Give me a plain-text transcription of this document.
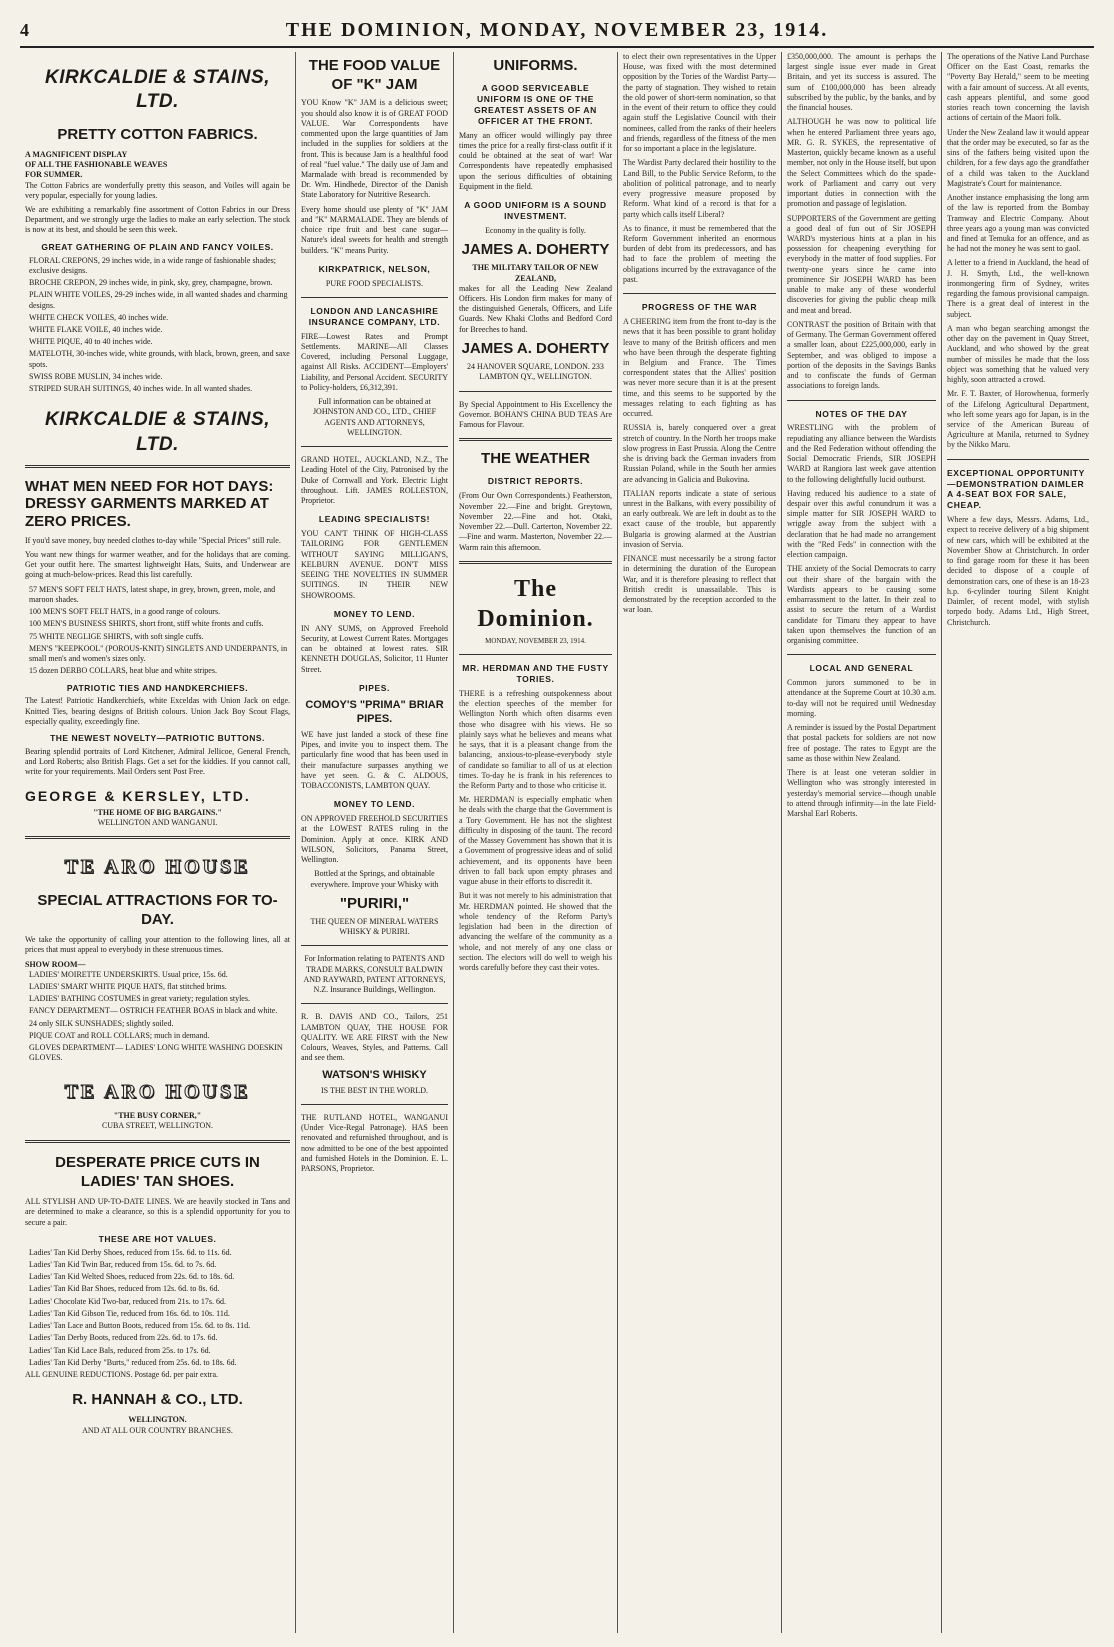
4	THE DOMINION, MONDAY, NOVEMBER 23, 1914.
KIRKCALDIE & STAINS, LTD.
PRETTY COTTON FABRICS.
A MAGNIFICENT DISPLAY
OF ALL THE FASHIONABLE WEAVES
FOR SUMMER.

The Cotton Fabrics are wonderfully pretty this season, and Voiles will again be very popular, especially for young ladies.

We are exhibiting a remarkably fine assortment of Cotton Fabrics in our Dress Department, and we strongly urge the ladies to make an early selection. The stock is now at its best, and should be seen this week.

GREAT GATHERING OF PLAIN AND FANCY VOILES.
FLORAL CREPONS, 29 inches wide, in a wide range of fashionable shades; exclusive designs.
BROCHE CREPON, 29 inches wide, in pink, sky, grey, champagne, brown.
PLAIN WHITE VOILES, 29-29 inches wide, in all wanted shades and charming designs.
WHITE CHECK VOILES, 40 inches wide.
WHITE FLAKE VOILE, 40 inches wide.
WHITE PIQUE, 40 to 40 inches wide.
MATELOTH, 30-inches wide, white grounds, with black, brown, green, and saxe spots.
SWISS ROBE MUSLIN, 34 inches wide.
STRIPED SURAH SUITINGS, 40 inches wide. In all wanted shades.
KIRKCALDIE & STAINS, LTD.
WHAT MEN NEED FOR HOT DAYS: DRESSY GARMENTS MARKED AT ZERO PRICES.

If you'd save money, buy needed clothes to-day while "Special Prices" still rule.

You want new things for warmer weather, and for the holidays that are coming. Get your outfit here. The smartest lightweight Hats, Suits, and Underwear are going at much-below-prices. Read this list carefully.

57 MEN'S SOFT FELT HATS, latest shape, in grey, brown, green, mole, and maroon shades.
100 MEN'S SOFT FELT HATS, in a good range of colours.
100 MEN'S BUSINESS SHIRTS, short front, stiff white fronts and cuffs.
75 WHITE NEGLIGE SHIRTS, with soft single cuffs.
MEN'S "KEEPKOOL" (POROUS-KNIT) SINGLETS AND UNDERPANTS, in small men's and women's sizes only.
15 dozen DERBO COLLARS, heat blue and white stripes.
PATRIOTIC TIES AND HANDKERCHIEFS.

The Latest! Patriotic Handkerchiefs, white Exceldas with Union Jack on edge. Knitted Ties, bearing designs of British colours. Union Jack Boy Scout Flags, especially quality, exceedingly fine.

THE NEWEST NOVELTY—PATRIOTIC BUTTONS.

Bearing splendid portraits of Lord Kitchener, Admiral Jellicoe, General French, and Lord Roberts; also British Flags. Get a set for the kiddies. If you cannot call, write for your requirements. Mail Orders sent Post Free.

GEORGE & KERSLEY, LTD.
"THE HOME OF BIG BARGAINS."
WELLINGTON AND WANGANUI.
TE ARO HOUSE
SPECIAL ATTRACTIONS FOR TO-DAY.

We take the opportunity of calling your attention to the following lines, all at prices that must appeal to everybody in these strenuous times.

SHOW ROOM—
LADIES' MOIRETTE UNDERSKIRTS. Usual price, 15s. 6d.
LADIES' SMART WHITE PIQUE HATS, flat stitched brims.
LADIES' BATHING COSTUMES in great variety; regulation styles.
FANCY DEPARTMENT— OSTRICH FEATHER BOAS in black and white.
24 only SILK SUNSHADES; slightly soiled.
PIQUE COAT and ROLL COLLARS; much in demand.
GLOVES DEPARTMENT— LADIES' LONG WHITE WASHING DOESKIN GLOVES.
TE ARO HOUSE
"THE BUSY CORNER,"
CUBA STREET, WELLINGTON.
DESPERATE PRICE CUTS IN LADIES' TAN SHOES.

ALL STYLISH AND UP-TO-DATE LINES. We are heavily stocked in Tans and are determined to make a clearance, so this is a splendid opportunity for you to secure a pair.

THESE ARE HOT VALUES.
Ladies' Tan Kid Derby Shoes, reduced from 15s. 6d. to 11s. 6d.
Ladies' Tan Kid Twin Bar, reduced from 15s. 6d. to 7s. 6d.
Ladies' Tan Kid Welted Shoes, reduced from 22s. 6d. to 18s. 6d.
Ladies' Tan Kid Bar Shoes, reduced from 12s. 6d. to 8s. 6d.
Ladies' Chocolate Kid Two-bar, reduced from 21s. to 17s. 6d.
Ladies' Tan Kid Gibson Tie, reduced from 16s. 6d. to 10s. 11d.
Ladies' Tan Lace and Button Boots, reduced from 15s. 6d. to 8s. 11d.
Ladies' Tan Derby Boots, reduced from 22s. 6d. to 17s. 6d.
Ladies' Tan Kid Lace Bals, reduced from 25s. to 17s. 6d.
Ladies' Tan Kid Derby "Burts," reduced from 25s. 6d. to 18s. 6d.

ALL GENUINE REDUCTIONS. Postage 6d. per pair extra.

R. HANNAH & CO., LTD.
WELLINGTON.
AND AT ALL OUR COUNTRY BRANCHES.
THE FOOD VALUE OF "K" JAM

YOU Know "K" JAM is a delicious sweet; you should also know it is of GREAT FOOD VALUE. War Correspondents have commented upon the large quantities of Jam included in the supplies for soldiers at the front. This is because Jam is a healthful food of real "fuel value." The daily use of Jam and Marmalade with bread is recommended by Dr. Wm. Hindhede, Director of the Danish State Laboratory for Nutritive Research.

Every home should use plenty of "K" JAM and "K" MARMALADE. They are blends of choice ripe fruit and best cane sugar—Nature's ideal sweets for health and strength builders. "K" means Purity.

KIRKPATRICK, NELSON,
PURE FOOD SPECIALISTS.
LONDON AND LANCASHIRE INSURANCE COMPANY, LTD.

FIRE—Lowest Rates and Prompt Settlements. MARINE—All Classes Covered, including Personal Luggage, against All Risks. ACCIDENT—Employers' Liability, and Personal Accident. SECURITY to Policy-holders, £6,312,391.

Full information can be obtained at JOHNSTON AND CO., LTD., CHIEF AGENTS AND ATTORNEYS, WELLINGTON.

GRAND HOTEL, AUCKLAND, N.Z., The Leading Hotel of the City, Patronised by the Duke of Cornwall and York. Electric Light throughout. Lift. JAMES ROLLESTON, Proprietor.

LEADING SPECIALISTS!

YOU CAN'T THINK OF HIGH-CLASS TAILORING FOR GENTLEMEN WITHOUT SAYING MILLIGAN'S, KELBURN AVENUE. DON'T MISS SEEING THE NOVELTIES IN SUMMER SUITINGS. IN THEIR NEW SHOWROOMS.

MONEY TO LEND.

IN ANY SUMS, on Approved Freehold Security, at Lowest Current Rates. Mortgages can be obtained at lowest rates. SIR KENNETH DOUGLAS, Solicitor, 11 Hunter Street.

PIPES.
COMOY'S "PRIMA" BRIAR PIPES.

WE have just landed a stock of these fine Pipes, and invite you to inspect them. The particularly fine wood that has been used in their manufacture surpasses anything we have yet seen. G. & C. ALDOUS, TOBACCONISTS, LAMBTON QUAY.

MONEY TO LEND.

ON APPROVED FREEHOLD SECURITIES at the LOWEST RATES ruling in the Dominion. Apply at once. KIRK AND WILSON, Solicitors, Panama Street, Wellington.

Bottled at the Springs, and obtainable everywhere. Improve your Whisky with

"PURIRI,"
THE QUEEN OF MINERAL WATERS WHISKY & PURIRI.

For Information relating to PATENTS AND TRADE MARKS, CONSULT BALDWIN AND RAYWARD, PATENT ATTORNEYS, N.Z. Insurance Buildings, Wellington.

R. B. DAVIS AND CO., Tailors, 251 LAMBTON QUAY, THE HOUSE FOR QUALITY. WE ARE FIRST with the New Colours, Weaves, Styles, and Patterns. Call and see them.

WATSON'S WHISKY
IS THE BEST IN THE WORLD.

THE RUTLAND HOTEL, WANGANUI (Under Vice-Regal Patronage). HAS been renovated and refurnished throughout, and is now admitted to be one of the best appointed and furnished Hotels in the Dominion. E. L. PARSONS, Proprietor.

UNIFORMS.
A GOOD SERVICEABLE UNIFORM IS ONE OF THE GREATEST ASSETS OF AN OFFICER AT THE FRONT.

Many an officer would willingly pay three times the price for a really first-class outfit if it could be obtained at the seat of war! War Correspondents have repeatedly emphasised upon the serious difficulties of obtaining Equipment in the field.

A GOOD UNIFORM IS A SOUND INVESTMENT.

Economy in the quality is folly.

JAMES A. DOHERTY
THE MILITARY TAILOR OF NEW ZEALAND,

makes for all the Leading New Zealand Officers. His London firm makes for many of the distinguished Generals, Officers, and Life Guards. New Khaki Cloths and Bedford Cord for Breeches to hand.

JAMES A. DOHERTY
24 HANOVER SQUARE, LONDON. 233 LAMBTON QY., WELLINGTON.

By Special Appointment to His Excellency the Governor. BOHAN'S CHINA BUD TEAS Are Famous for Flavour.

THE WEATHER
DISTRICT REPORTS.

(From Our Own Correspondents.) Featherston, November 22.—Fine and bright. Greytown, November 22.—Fine and hot. Otaki, November 22.—Dull. Carterton, November 22.—Fine and warm. Masterton, November 22.—Warm rain this afternoon.

The Dominion.
MONDAY, NOVEMBER 23, 1914.
MR. HERDMAN AND THE FUSTY TORIES.

THERE is a refreshing outspokenness about the election speeches of the member for Wellington North which often disarms even those who disagree with his views. He so plainly says what he believes and means what he says, that it is a pleasant change from the balancing, anxious-to-please-everybody style of candidate so familiar to all of us at election times. To-day he is frank in his references to the Reform Party and to those who criticise it.

Mr. HERDMAN is especially emphatic when he deals with the charge that the Government is a Tory Government. He has not the slightest difficulty in disposing of the taunt. The record of the Massey Government has shown that it is a Government of progressive ideas and of solid achievement, and its opponents have been driven to fall back upon empty phrases and vague abuse in their efforts to discredit it.

But it was not merely to his administration that Mr. HERDMAN pointed. He showed that the whole tendency of the Reform Party's legislation had been in the direction of advancing the welfare of the community as a whole, and not merely of any one class or section. The electors will do well to weigh his words carefully before they cast their votes.

to elect their own representatives in the Upper House, was fixed with the most determined opposition by the Tories of the Wardist Party—the party of stagnation. They wished to retain the old power of short-term nomination, so that in the event of their return to office they could again stuff the Legislative Council with their nominees, called from the ranks of their heelers and friends, regardless of the fitness of the men for so important a place in the legislature.

The Wardist Party declared their hostility to the Land Bill, to the Public Service Reform, to the abolition of political patronage, and to nearly every progressive measure proposed by Reform. What kind of a record is that for a party which calls itself Liberal?

As to finance, it must be remembered that the Reform Government inherited an enormous burden of debt from its predecessors, and has had to face the problem of meeting the obligations incurred by the extravagance of the past.

PROGRESS OF THE WAR

A CHEERING item from the front to-day is the news that it has been possible to grant holiday leave to many of the British officers and men who have been through the desperate fighting in Belgium and France. The Times correspondent states that the Allies' position was never more secure than it is at the present time, and this seems to be supported by the messages relating to each fighting as has occurred.

RUSSIA is, barely conquered over a great stretch of country. In the North her troops make slow progress in East Prussia. Along the Centre she is driving back the German invaders from Russian Poland, while in the South her armies are advancing in Galicia and Bukovina.

ITALIAN reports indicate a state of serious unrest in the Balkans, with every possibility of an early outbreak. We are left in doubt as to the exact cause of the trouble, but apparently Bulgaria is growing alarmed at the Austrian invasion of Servia.

FINANCE must necessarily be a strong factor in determining the duration of the European War, and it is therefore pleasing to reflect that British credit is unassailable. This is demonstrated by the reception accorded to the war loan.

£350,000,000. The amount is perhaps the largest single issue ever made in Great Britain, and yet its success is assured. The sum of £100,000,000 has been already subscribed by the public, by the banks, and by the financial houses.

ALTHOUGH he was now to political life when he entered Parliament three years ago, MR. G. R. SYKES, the representative of Masterton, quickly became known as a useful member, not only in the House itself, but upon the Select Committees which do the spade-work of Parliament and carry out very important duties in connection with the promotion and passage of legislation.

SUPPORTERS of the Government are getting a good deal of fun out of Sir JOSEPH WARD's mysterious hints at a plan in his possession for cheapening everything for everybody in the matter of food supplies. For twenty-one years since he came into prominence Sir JOSEPH WARD has been unable to make any of these wonderful discoveries for giving the public cheap milk and meat and bread.

CONTRAST the position of Britain with that of Germany. The German Government offered a smaller loan, about £225,000,000, early in September, and was obliged to impose a portion of the deposits in the Savings Banks and to confiscate the funds of German associations to foreign lands.

NOTES OF THE DAY

WRESTLING with the problem of repudiating any alliance between the Wardists and the Red Federation without offending the Social Democratic Friends, SIR JOSEPH WARD at Rangiora last week gave attention to the following delightfully lucid outburst.

Having reduced his audience to a state of despair over this awful conundrum it was a simple matter for SIR JOSEPH WARD to wriggle away from the subject with a declaration that he had made no arrangement with the "Red Feds" in connection with the election campaign.

THE anxiety of the Social Democrats to carry out their share of the bargain with the Wardists appears to be causing some embarrassment to the latter. In their zeal to assist to secure the return of a Wardist candidate for Timaru they appear to have taken upon themselves the function of an organising committee.

LOCAL AND GENERAL

Common jurors summoned to be in attendance at the Supreme Court at 10.30 a.m. to-day will not be required until Wednesday morning.

A reminder is issued by the Postal Department that postal packets for soldiers are not now free of postage. The rates to Egypt are the same as those within New Zealand.

There is at least one veteran soldier in Wellington who was strongly interested in yesterday's memorial service—though unable to attend through infirmity—in the late Field-Marshal Earl Roberts.

The operations of the Native Land Purchase Officer on the East Coast, remarks the "Poverty Bay Herald," seem to be meeting with a fair amount of success. At all events, cash appears plentiful, and some good stories reach town concerning the lavish actions of certain of the Maori folk.

Under the New Zealand law it would appear that the order may be executed, so far as the sins of the fathers being visited upon the children, for a few days ago the grandfather of a child was taken to the Auckland Magistrate's Court for maintenance.

Another instance emphasising the long arm of the law is reported from the Bombay Tramway and Electric Company. About three years ago a young man was convicted and fined at Temuka for an offence, and as he had not the money he was sent to gaol.

A letter to a friend in Auckland, the head of J. H. Smyth, Ltd., the well-known ironmongering firm of Sydney, writes regarding the famous provisional campaign. There is a great deal of interest in the subject.

A man who began searching amongst the other day on the pavement in Quay Street, Auckland, and who showed by the great number of missiles he made that the loss object was something that he valued very highly, soon attracted a crowd.

Mr. F. T. Baxter, of Horowhenua, formerly of the Lifelong Agricultural Department, who left some years ago for Japan, is in the service of the American Bureau of Agriculture at Manila, returned to Sydney by the Nikko Maru.

EXCEPTIONAL OPPORTUNITY—DEMONSTRATION DAIMLER A 4-SEAT BOX FOR SALE, CHEAP.

Where a few days, Messrs. Adams, Ltd., expect to receive delivery of a big shipment of new cars, which will be exhibited at the November Show at Christchurch. In order to find garage room for these it has been decided to dispose of a couple of demonstration cars, one of these is an 18-23 h.p. 6-cylinder touring Silent Knight Daimler, of recent model, with stylish torpedo body. Adams Ltd., High Street, Christchurch.
